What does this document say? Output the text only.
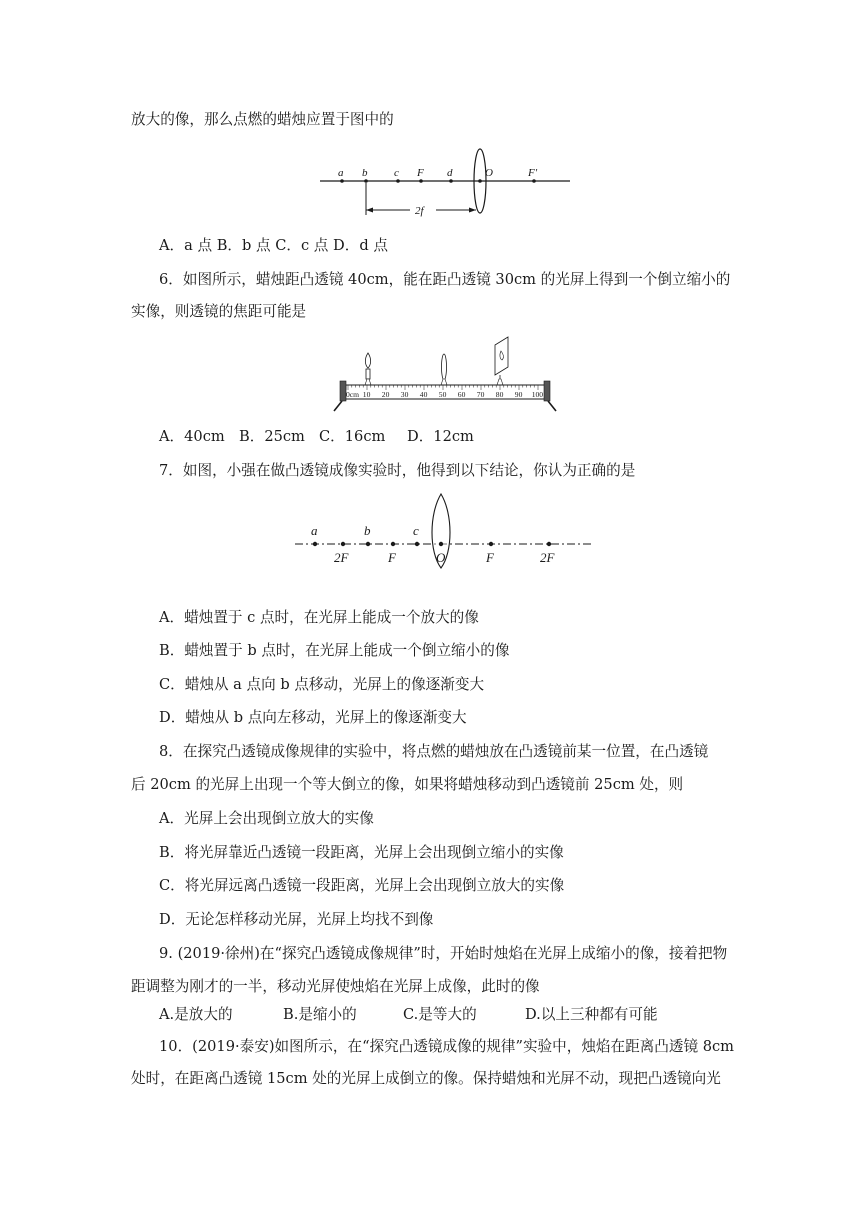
放大的像，那么点燃的蜡烛应置于图中的
a b c F d	O	F′
2f
A．a 点 B．b 点 C．c 点 D．d 点
6．如图所示，蜡烛距凸透镜 40cm，能在距凸透镜 30cm 的光屏上得到一个倒立缩小的
实像，则透镜的焦距可能是
0cm 10 20 30 40 50 60 70 80 90 100
A．40cm B．25cm C．16cm D．12cm
7．如图，小强在做凸透镜成像实验时，他得到以下结论，你认为正确的是
a	b	c
2F	F	O	F	2F
A．蜡烛置于 c 点时，在光屏上能成一个放大的像
B．蜡烛置于 b 点时，在光屏上能成一个倒立缩小的像
C．蜡烛从 a 点向 b 点移动，光屏上的像逐渐变大
D．蜡烛从 b 点向左移动，光屏上的像逐渐变大
8．在探究凸透镜成像规律的实验中，将点燃的蜡烛放在凸透镜前某一位置，在凸透镜
后 20cm 的光屏上出现一个等大倒立的像，如果将蜡烛移动到凸透镜前 25cm 处，则
A．光屏上会出现倒立放大的实像
B．将光屏靠近凸透镜一段距离，光屏上会出现倒立缩小的实像
C．将光屏远离凸透镜一段距离，光屏上会出现倒立放大的实像
D．无论怎样移动光屏，光屏上均找不到像
9. (2019·徐州)在“探究凸透镜成像规律”时，开始时烛焰在光屏上成缩小的像，接着把物
距调整为刚才的一半，移动光屏使烛焰在光屏上成像，此时的像
A.是放大的	B.是缩小的	C.是等大的	D.以上三种都有可能
10．(2019·泰安)如图所示，在“探究凸透镜成像的规律”实验中，烛焰在距离凸透镜 8cm
处时，在距离凸透镜 15cm 处的光屏上成倒立的像。保持蜡烛和光屏不动，现把凸透镜向光
